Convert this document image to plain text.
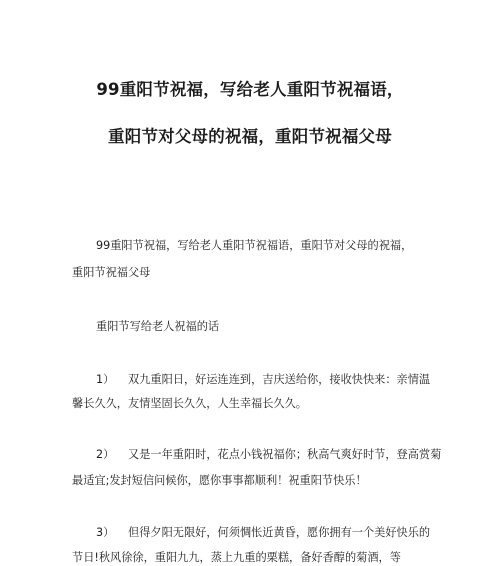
99重阳节祝福，写给老人重阳节祝福语，
重阳节对父母的祝福，重阳节祝福父母
99重阳节祝福，写给老人重阳节祝福语，重阳节对父母的祝福，
重阳节祝福父母
重阳节写给老人祝福的话
1） 双九重阳日，好运连连到，吉庆送给你，接收快快来：亲情温
馨长久久，友情坚固长久久，人生幸福长久久。
2） 又是一年重阳时，花点小钱祝福你；秋高气爽好时节，登高赏菊
最适宜;发封短信问候你，愿你事事都顺利！祝重阳节快乐！
3） 但得夕阳无限好，何须惆怅近黄昏，愿你拥有一个美好快乐的
节日!秋风徐徐，重阳九九，蒸上九重的栗糕，备好香醇的菊酒，等
